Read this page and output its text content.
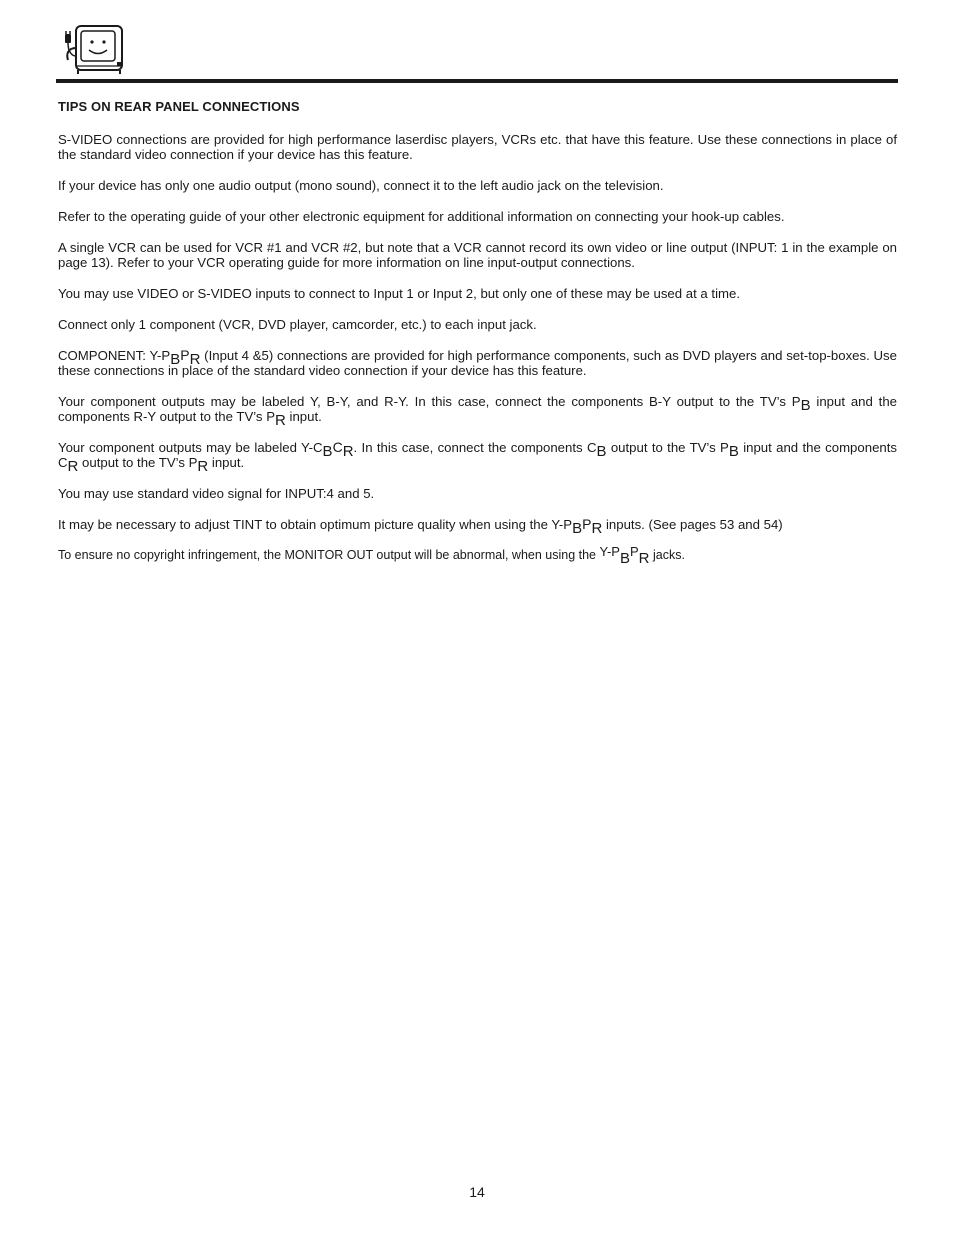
TIPS ON REAR PANEL CONNECTIONS

S-VIDEO connections are provided for high performance laserdisc players, VCRs etc. that have this feature. Use these connections in place of the standard video connection if your device has this feature.

If your device has only one audio output (mono sound), connect it to the left audio jack on the television.

Refer to the operating guide of your other electronic equipment for additional information on connecting your hook-up cables.

A single VCR can be used for VCR #1 and VCR #2, but note that a VCR cannot record its own video or line output (INPUT: 1 in the example on page 13). Refer to your VCR operating guide for more information on line input-output connections.

You may use VIDEO or S-VIDEO inputs to connect to Input 1 or Input 2, but only one of these may be used at a time.

Connect only 1 component (VCR, DVD player, camcorder, etc.) to each input jack.

COMPONENT: Y-PBPR (Input 4 &5) connections are provided for high performance components, such as DVD players and set-top-boxes. Use these connections in place of the standard video connection if your device has this feature.

Your component outputs may be labeled Y, B-Y, and R-Y. In this case, connect the components B-Y output to the TV’s PB input and the components R-Y output to the TV’s PR input.

Your component outputs may be labeled Y-CBCR. In this case, connect the components CB output to the TV’s PB input and the components CR output to the TV’s PR input.

You may use standard video signal for INPUT:4 and 5.

It may be necessary to adjust TINT to obtain optimum picture quality when using the Y-PBPR inputs. (See pages 53 and 54)

To ensure no copyright infringement, the MONITOR OUT output will be abnormal, when using the Y-PBPR jacks.

14
